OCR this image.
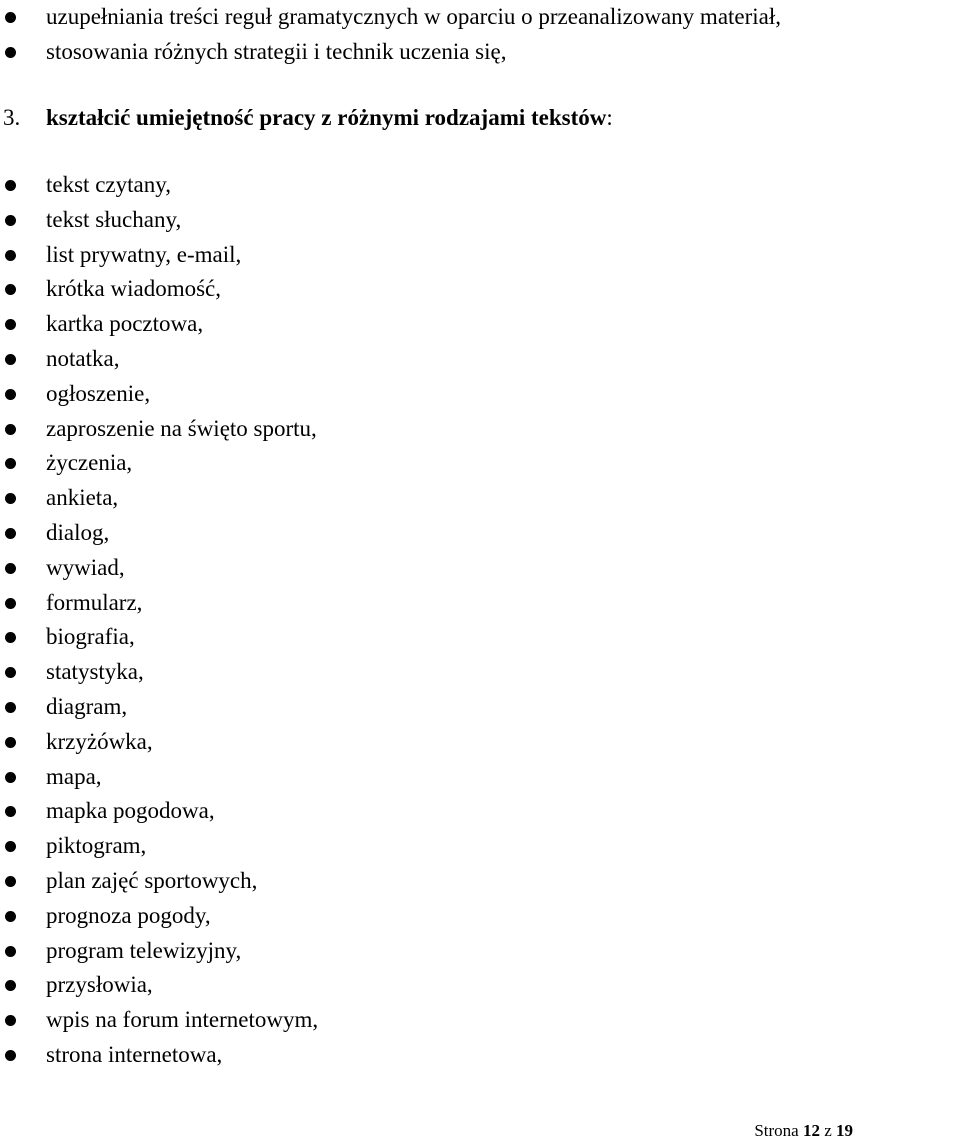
uzupełniania treści reguł gramatycznych w oparciu o przeanalizowany materiał,
stosowania różnych strategii i technik uczenia się,
3. kształcić umiejętność pracy z różnymi rodzajami tekstów:
tekst czytany,
tekst słuchany,
list prywatny, e-mail,
krótka wiadomość,
kartka pocztowa,
notatka,
ogłoszenie,
zaproszenie na święto sportu,
życzenia,
ankieta,
dialog,
wywiad,
formularz,
biografia,
statystyka,
diagram,
krzyżówka,
mapa,
mapka pogodowa,
piktogram,
plan zajęć sportowych,
prognoza pogody,
program telewizyjny,
przysłowia,
wpis na forum internetowym,
strona internetowa,
Strona 12 z 19
